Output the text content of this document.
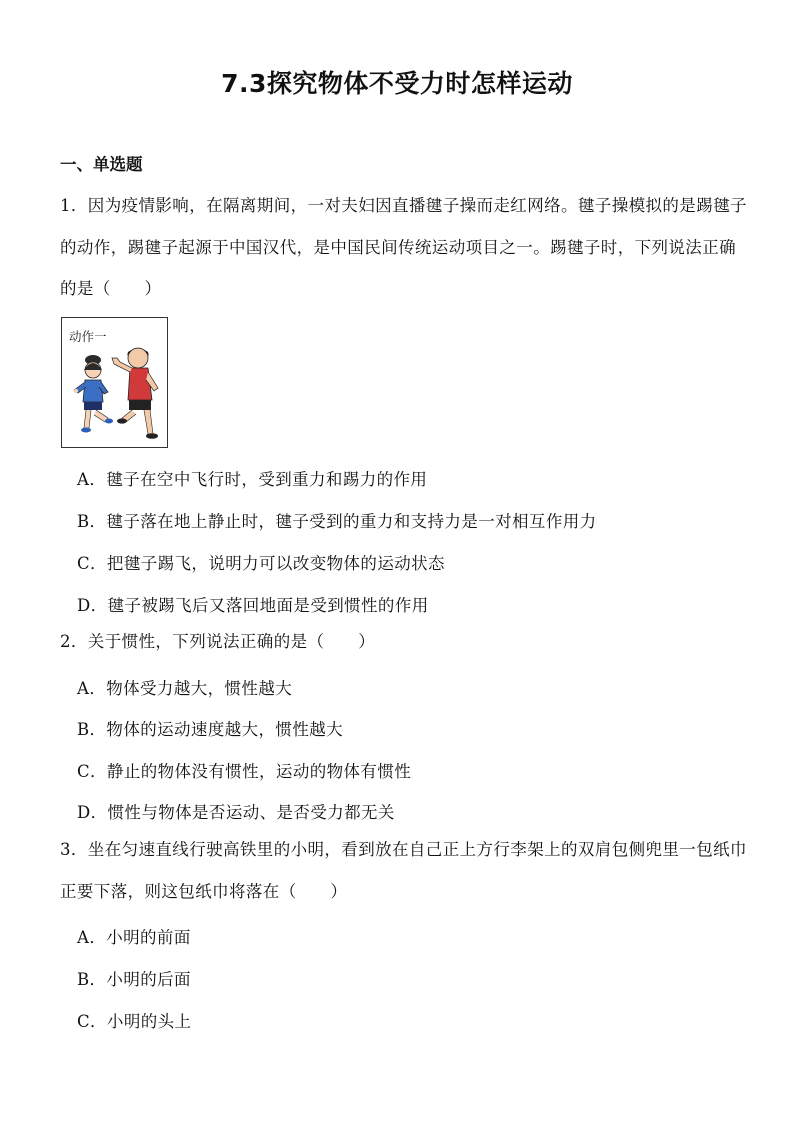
7.3探究物体不受力时怎样运动
一、单选题
1．因为疫情影响，在隔离期间，一对夫妇因直播毽子操而走红网络。毽子操模拟的是踢毽子的动作，踢毽子起源于中国汉代，是中国民间传统运动项目之一。踢毽子时，下列说法正确的是（　　）
动作一
A．毽子在空中飞行时，受到重力和踢力的作用
B．毽子落在地上静止时，毽子受到的重力和支持力是一对相互作用力
C．把毽子踢飞，说明力可以改变物体的运动状态
D．毽子被踢飞后又落回地面是受到惯性的作用
2．关于惯性，下列说法正确的是（　　）
A．物体受力越大，惯性越大
B．物体的运动速度越大，惯性越大
C．静止的物体没有惯性，运动的物体有惯性
D．惯性与物体是否运动、是否受力都无关
3．坐在匀速直线行驶高铁里的小明，看到放在自己正上方行李架上的双肩包侧兜里一包纸巾正要下落，则这包纸巾将落在（　　）
A．小明的前面
B．小明的后面
C．小明的头上
